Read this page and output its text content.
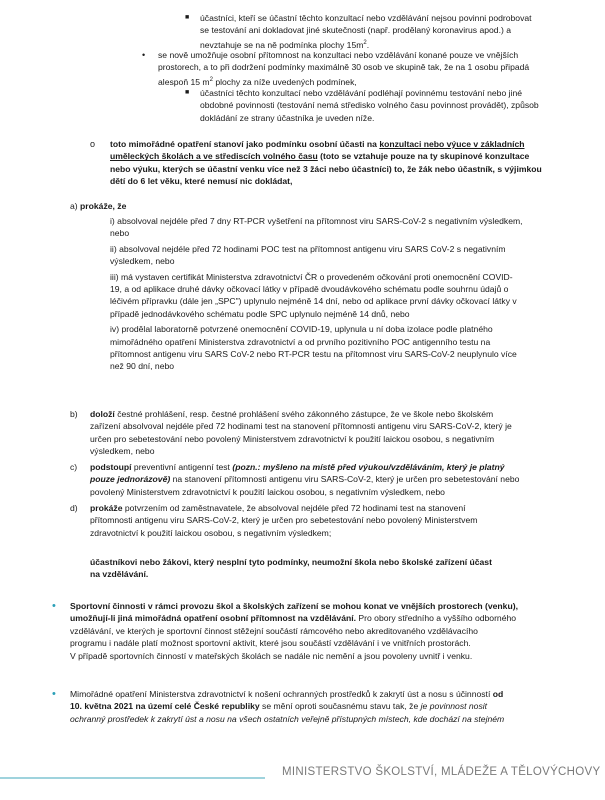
■ účastníci, kteří se účastní těchto konzultací nebo vzdělávání nejsou povinni podrobovat
se testování ani dokladovat jiné skutečnosti (např. prodělaný koronavirus apod.) a
nevztahuje se na ně podmínka plochy $15m^2$.
• se nově umožňuje osobní přítomnost na konzultaci nebo vzdělávání konané pouze ve vnějších
prostorech, a to při dodržení podmínky maximálně 30 osob ve skupině tak, že na 1 osobu připadá
alespoň 15 $m^2$ plochy za níže uvedených podmínek,
■ účastníci těchto konzultací nebo vzdělávání podléhají povinnému testování nebo jiné
obdobné povinnosti (testování nemá středisko volného času povinnost provádět), způsob
dokládání ze strany účastníka je uveden níže.
o toto mimořádné opatření stanoví jako podmínku osobní účasti na konzultaci nebo výuce v základních
uměleckých školách a ve střediscích volného času (toto se vztahuje pouze na ty skupinové konzultace
nebo výuku, kterých se účastní venku více než 3 žáci nebo účastníci) to, že žák nebo účastník, s výjimkou
dětí do 6 let věku, které nemusí nic dokládat,
a) prokáže, že
i) absolvoval nejdéle před 7 dny RT-PCR vyšetření na přítomnost viru SARS-CoV-2 s negativním výsledkem,
nebo
ii) absolvoval nejdéle před 72 hodinami POC test na přítomnost antigenu viru SARS CoV-2 s negativním
výsledkem, nebo
iii) má vystaven certifikát Ministerstva zdravotnictví ČR o provedeném očkování proti onemocnění COVID-
19, a od aplikace druhé dávky očkovací látky v případě dvoudávkového schématu podle souhrnu údajů o
léčivém přípravku (dále jen „SPC") uplynulo nejméně 14 dní, nebo od aplikace první dávky očkovací látky v
případě jednodávkového schématu podle SPC uplynulo nejméně 14 dnů, nebo
iv) prodělal laboratorně potvrzené onemocnění COVID-19, uplynula u ní doba izolace podle platného
mimořádného opatření Ministerstva zdravotnictví a od prvního pozitivního POC antigenního testu na
přítomnost antigenu viru SARS CoV-2 nebo RT-PCR testu na přítomnost viru SARS-CoV-2 neuplynulo více
než 90 dní, nebo
b) doloží čestné prohlášení, resp. čestné prohlášení svého zákonného zástupce, že ve škole nebo školském
zařízení absolvoval nejdéle před 72 hodinami test na stanovení přítomnosti antigenu viru SARS-CoV-2, který je
určen pro sebetestování nebo povolený Ministerstvem zdravotnictví k použití laickou osobou, s negativním
výsledkem, nebo
c) podstoupí preventivní antigenní test (pozn.: myšleno na místě před výukou/vzděláváním, který je platný
pouze jednorázově) na stanovení přítomnosti antigenu viru SARS-CoV-2, který je určen pro sebetestování nebo
povolený Ministerstvem zdravotnictví k použití laickou osobou, s negativním výsledkem, nebo
d) prokáže potvrzením od zaměstnavatele, že absolvoval nejdéle před 72 hodinami test na stanovení
přítomnosti antigenu viru SARS-CoV-2, který je určen pro sebetestování nebo povolený Ministerstvem
zdravotnictví k použití laickou osobou, s negativním výsledkem;
účastníkovi nebo žákovi, který nesplní tyto podmínky, neumožní škola nebo školské zařízení účast
na vzdělávání.
• Sportovní činnosti v rámci provozu škol a školských zařízení se mohou konat ve vnějších prostorech (venku),
umožňují-li jiná mimořádná opatření osobní přítomnost na vzdělávání. Pro obory středního a vyššího odborného
vzdělávání, ve kterých je sportovní činnost stěžejní součástí rámcového nebo akreditovaného vzdělávacího
programu i nadále platí možnost sportovní aktivit, které jsou součástí vzdělávání i ve vnitřních prostorách.
V případě sportovních činností v mateřských školách se nadále nic nemění a jsou povoleny uvnitř i venku.
• Mimořádné opatření Ministerstva zdravotnictví k nošení ochranných prostředků k zakrytí úst a nosu s účinností od
10. května 2021 na území celé České republiky se mění oproti současnému stavu tak, že je povinnost nosit
ochranný prostředek k zakrytí úst a nosu na všech ostatních veřejně přístupných místech, kde dochází na stejném
MINISTERSTVO ŠKOLSTVÍ, MLÁDEŽE A TĚLOVÝCHOVY
